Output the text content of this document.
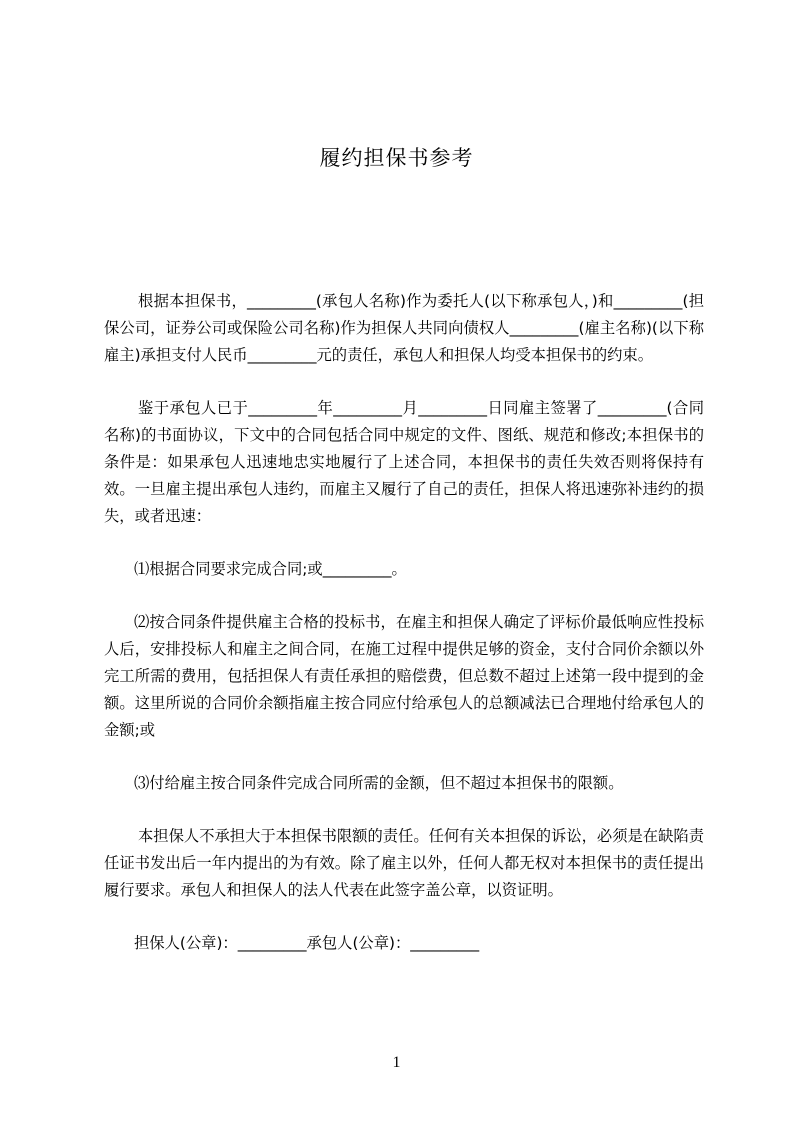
履约担保书参考

根据本担保书，_________(承包人名称)作为委托人(以下称承包人，)和_________(担保公司，证券公司或保险公司名称)作为担保人共同向债权人_________(雇主名称)(以下称雇主)承担支付人民币_________元的责任，承包人和担保人均受本担保书的约束。

鉴于承包人已于_________年_________月_________日同雇主签署了_________(合同名称)的书面协议，下文中的合同包括合同中规定的文件、图纸、规范和修改;本担保书的条件是：如果承包人迅速地忠实地履行了上述合同，本担保书的责任失效否则将保持有效。一旦雇主提出承包人违约，而雇主又履行了自己的责任，担保人将迅速弥补违约的损失，或者迅速：

⑴根据合同要求完成合同;或_________。

⑵按合同条件提供雇主合格的投标书，在雇主和担保人确定了评标价最低响应性投标人后，安排投标人和雇主之间合同，在施工过程中提供足够的资金，支付合同价余额以外完工所需的费用，包括担保人有责任承担的赔偿费，但总数不超过上述第一段中提到的金额。这里所说的合同价余额指雇主按合同应付给承包人的总额减法已合理地付给承包人的金额;或

⑶付给雇主按合同条件完成合同所需的金额，但不超过本担保书的限额。

本担保人不承担大于本担保书限额的责任。任何有关本担保的诉讼，必须是在缺陷责任证书发出后一年内提出的为有效。除了雇主以外，任何人都无权对本担保书的责任提出履行要求。承包人和担保人的法人代表在此签字盖公章，以资证明。

担保人(公章)：_________承包人(公章)：_________

1
